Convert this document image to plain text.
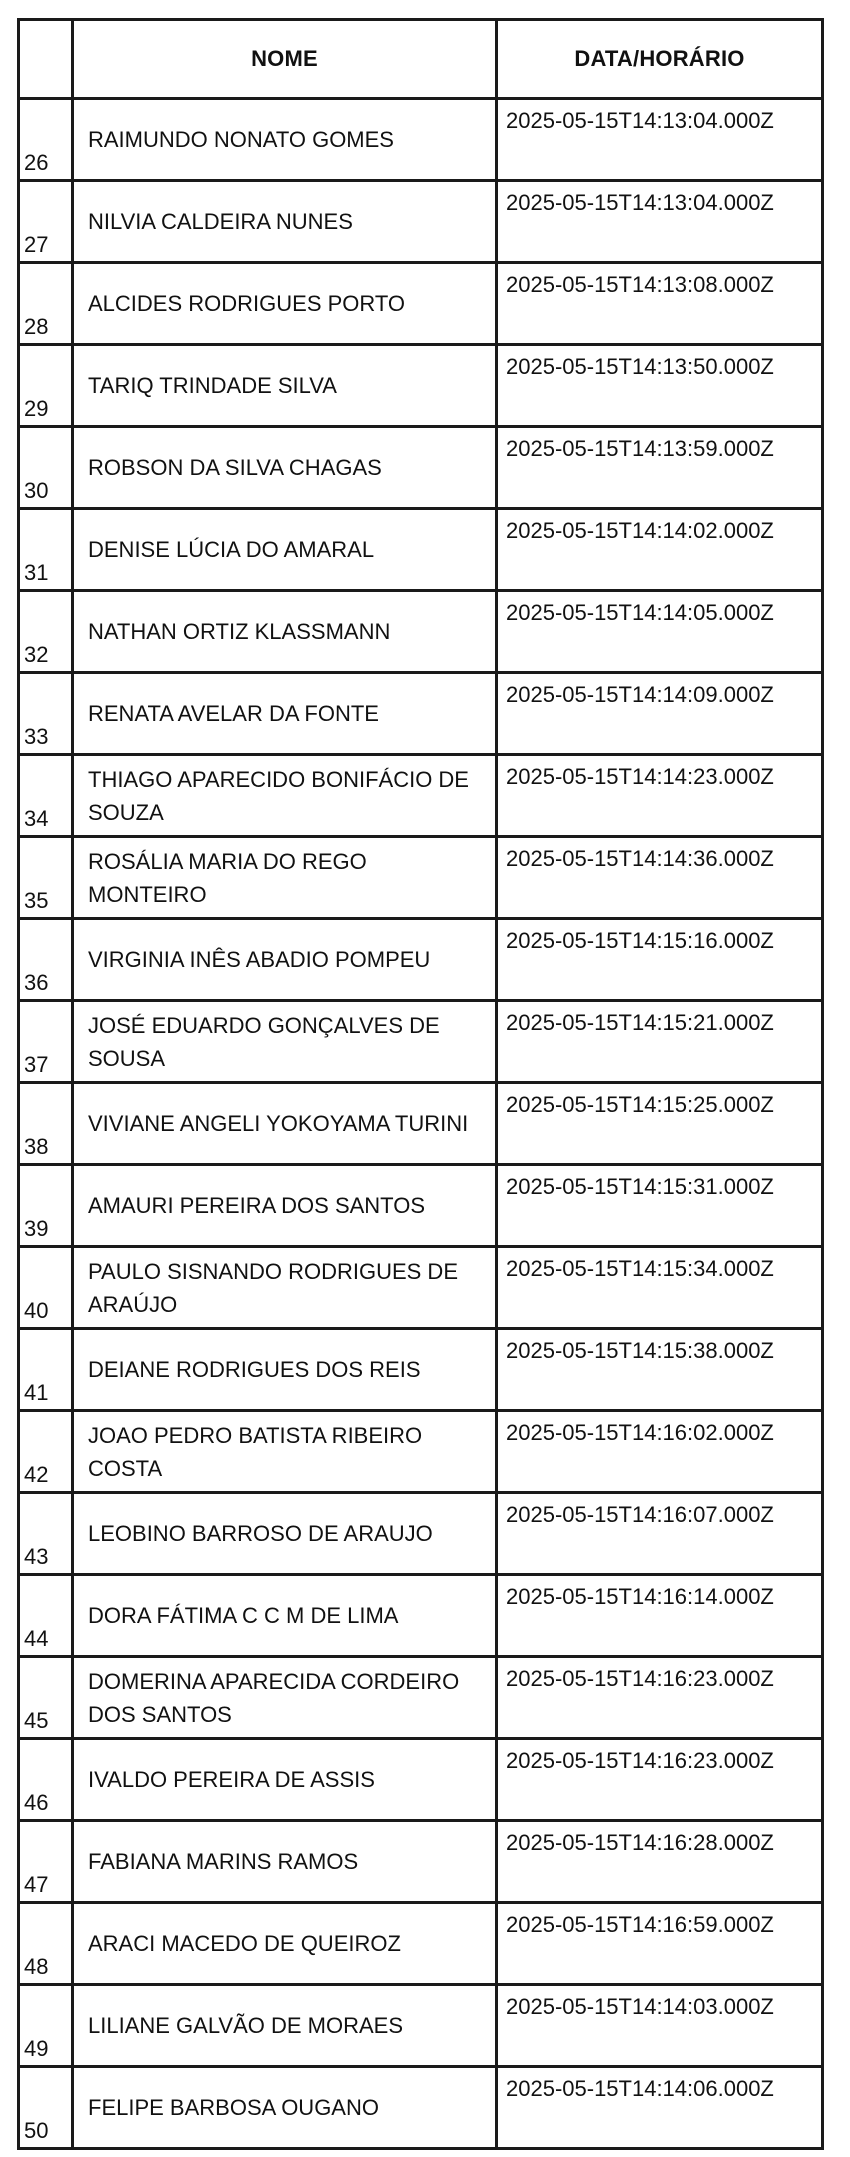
	NOME	DATA/HORÁRIO
26	RAIMUNDO NONATO GOMES	2025-05-15T14:13:04.000Z
27	NILVIA CALDEIRA NUNES	2025-05-15T14:13:04.000Z
28	ALCIDES RODRIGUES PORTO	2025-05-15T14:13:08.000Z
29	TARIQ TRINDADE SILVA	2025-05-15T14:13:50.000Z
30	ROBSON DA SILVA CHAGAS	2025-05-15T14:13:59.000Z
31	DENISE LÚCIA DO AMARAL	2025-05-15T14:14:02.000Z
32	NATHAN ORTIZ KLASSMANN	2025-05-15T14:14:05.000Z
33	RENATA AVELAR DA FONTE	2025-05-15T14:14:09.000Z
34	THIAGO APARECIDO BONIFÁCIO DE SOUZA	2025-05-15T14:14:23.000Z
35	ROSÁLIA MARIA DO REGO MONTEIRO	2025-05-15T14:14:36.000Z
36	VIRGINIA INÊS ABADIO POMPEU	2025-05-15T14:15:16.000Z
37	JOSÉ EDUARDO GONÇALVES DE SOUSA	2025-05-15T14:15:21.000Z
38	VIVIANE ANGELI YOKOYAMA TURINI	2025-05-15T14:15:25.000Z
39	AMAURI PEREIRA DOS SANTOS	2025-05-15T14:15:31.000Z
40	PAULO SISNANDO RODRIGUES DE ARAÚJO	2025-05-15T14:15:34.000Z
41	DEIANE RODRIGUES DOS REIS	2025-05-15T14:15:38.000Z
42	JOAO PEDRO BATISTA RIBEIRO COSTA	2025-05-15T14:16:02.000Z
43	LEOBINO BARROSO DE ARAUJO	2025-05-15T14:16:07.000Z
44	DORA FÁTIMA C C M DE LIMA	2025-05-15T14:16:14.000Z
45	DOMERINA APARECIDA CORDEIRO DOS SANTOS	2025-05-15T14:16:23.000Z
46	IVALDO PEREIRA DE ASSIS	2025-05-15T14:16:23.000Z
47	FABIANA MARINS RAMOS	2025-05-15T14:16:28.000Z
48	ARACI MACEDO DE QUEIROZ	2025-05-15T14:16:59.000Z
49	LILIANE GALVÃO DE MORAES	2025-05-15T14:14:03.000Z
50	FELIPE BARBOSA OUGANO	2025-05-15T14:14:06.000Z
